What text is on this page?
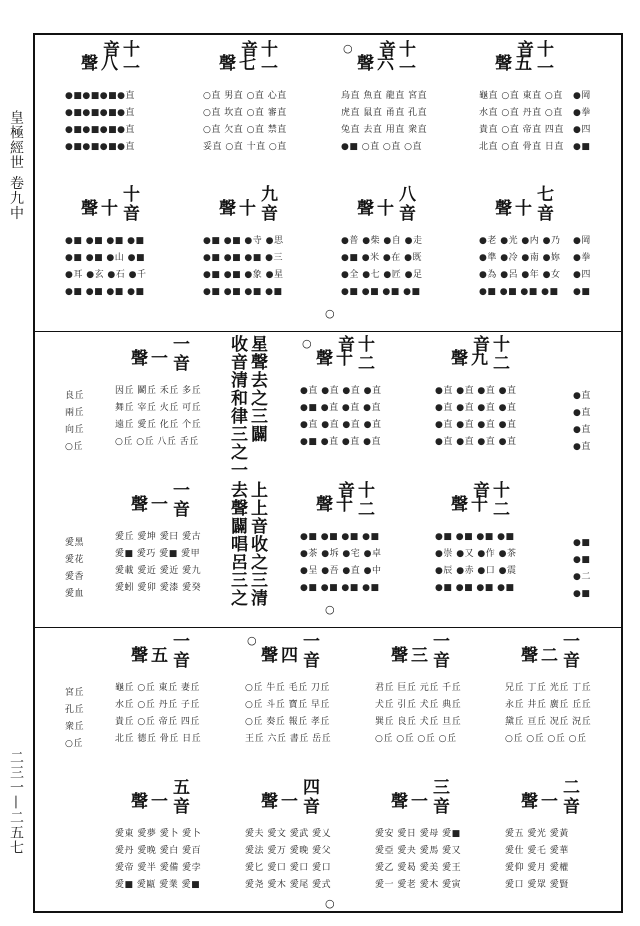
皇極經世 卷九中
二三一—二五七
十一音
八聲
●■●■●■●直
●■●■●■●直
●■●■●■●直
●■●■●■●直
十一音
七聲
○直 男直 ○直 心直
○直 坎直 ○直 審直
○直 欠直 ○直 禁直
妥直 ○直 十直 ○直
十一音
六聲
○
烏直 魚直 龍直 宮直
虎直 鼠直 甬直 孔直
兔直 去直 用直 衆直
●■ ○直 ○直 ○直
十一音
五聲
龜直 ○直 東直 ○直
水直 ○直 丹直 ○直
貴直 ○直 帝直 四直
北直 ○直 骨直 日直
十音
十聲
●■ ●■ ●■ ●■
●■ ●■ ●山 ●■
●耳 ●玄 ●石 ●千
●■ ●■ ●■ ●■
九音
十聲
●■ ●■ ●寺 ●思
●■ ●■ ●■ ●三
●■ ●■ ●象 ●星
●■ ●■ ●■ ●■
八音
十聲
●普 ●柴 ●自 ●走
●■ ●米 ●在 ●既
●全 ●七 ●匠 ●足
●■ ●■ ●■ ●■
七音
十聲
●老 ●光 ●内 ●乃
●準 ●冷 ●南 ●妳
●為 ●呂 ●年 ●女
●■ ●■ ●■ ●■
●岡
●拳
●四
●■
●岡
●拳
●四
●■
良丘
兩丘
向丘
○丘
愛黑
愛花
愛香
愛血
一音
一聲
因丘 鬭丘 禾丘 多丘
舞丘 宰丘 火丘 可丘
遠丘 愛丘 化丘 个丘
○丘 ○丘 八丘 舌丘
十二音
十聲
○
●直 ●直 ●直 ●直
●■ ●直 ●直 ●直
●直 ●直 ●直 ●直
●■ ●直 ●直 ●直
十二音
九聲
●直 ●直 ●直 ●直
●直 ●直 ●直 ●直
●直 ●直 ●直 ●直
●直 ●直 ●直 ●直
一音
一聲
愛丘 愛坤 愛曰 愛古
愛■ 愛巧 愛■ 愛甲
愛載 愛近 愛近 愛九
愛蚓 愛卯 愛漆 愛癸
十二音
十聲
●■ ●■ ●■ ●■
●茶 ●坼 ●宅 ●卓
●呈 ●吾 ●直 ●中
●■ ●■ ●■ ●■
十二音
十聲
●■ ●■ ●■ ●■
●崇 ●又 ●作 ●茶
●辰 ●赤 ●口 ●震
●■ ●■ ●■ ●■
●直
●直
●直
●直
●■
●■
●二
●■
星聲去之三闢
收音清和律三之一
上上音收之三清
去聲闢唱呂三之
宮丘
孔丘
衆丘
○丘
一音
五聲
龜丘 ○丘 東丘 妻丘
水丘 ○丘 丹丘 子丘
貴丘 ○丘 帝丘 四丘
北丘 德丘 骨丘 日丘
一音
四聲
○
○丘 牛丘 毛丘 刀丘
○丘 斗丘 寶丘 早丘
○丘 奏丘 報丘 孝丘
王丘 六丘 書丘 岳丘
一音
三聲
君丘 巨丘 元丘 千丘
犬丘 引丘 犬丘 典丘
巽丘 良丘 犬丘 旦丘
○丘 ○丘 ○丘 ○丘
一音
二聲
兄丘 丁丘 光丘 丁丘
永丘 井丘 廣丘 丘丘
黛丘 亘丘 况丘 況丘
○丘 ○丘 ○丘 ○丘
五音
一聲
愛東 愛夢 愛卜 愛卜
愛丹 愛晚 愛白 愛百
愛帝 愛半 愛備 愛孛
愛■ 愛甌 愛業 愛■
四音
一聲
愛夫 愛文 愛武 愛乂
愛法 愛万 愛晚 愛父
愛匕 愛口 愛口 愛口
愛尧 愛木 愛尾 愛式
三音
一聲
愛安 愛日 愛母 愛■
愛亞 愛夬 愛馬 愛又
愛乙 愛曷 愛美 愛王
愛一 愛老 愛木 愛寅
二音
一聲
愛五 愛光 愛黃
愛仕 愛乇 愛華
愛仰 愛月 愛權
愛口 愛眾 愛賢
○
○
○
